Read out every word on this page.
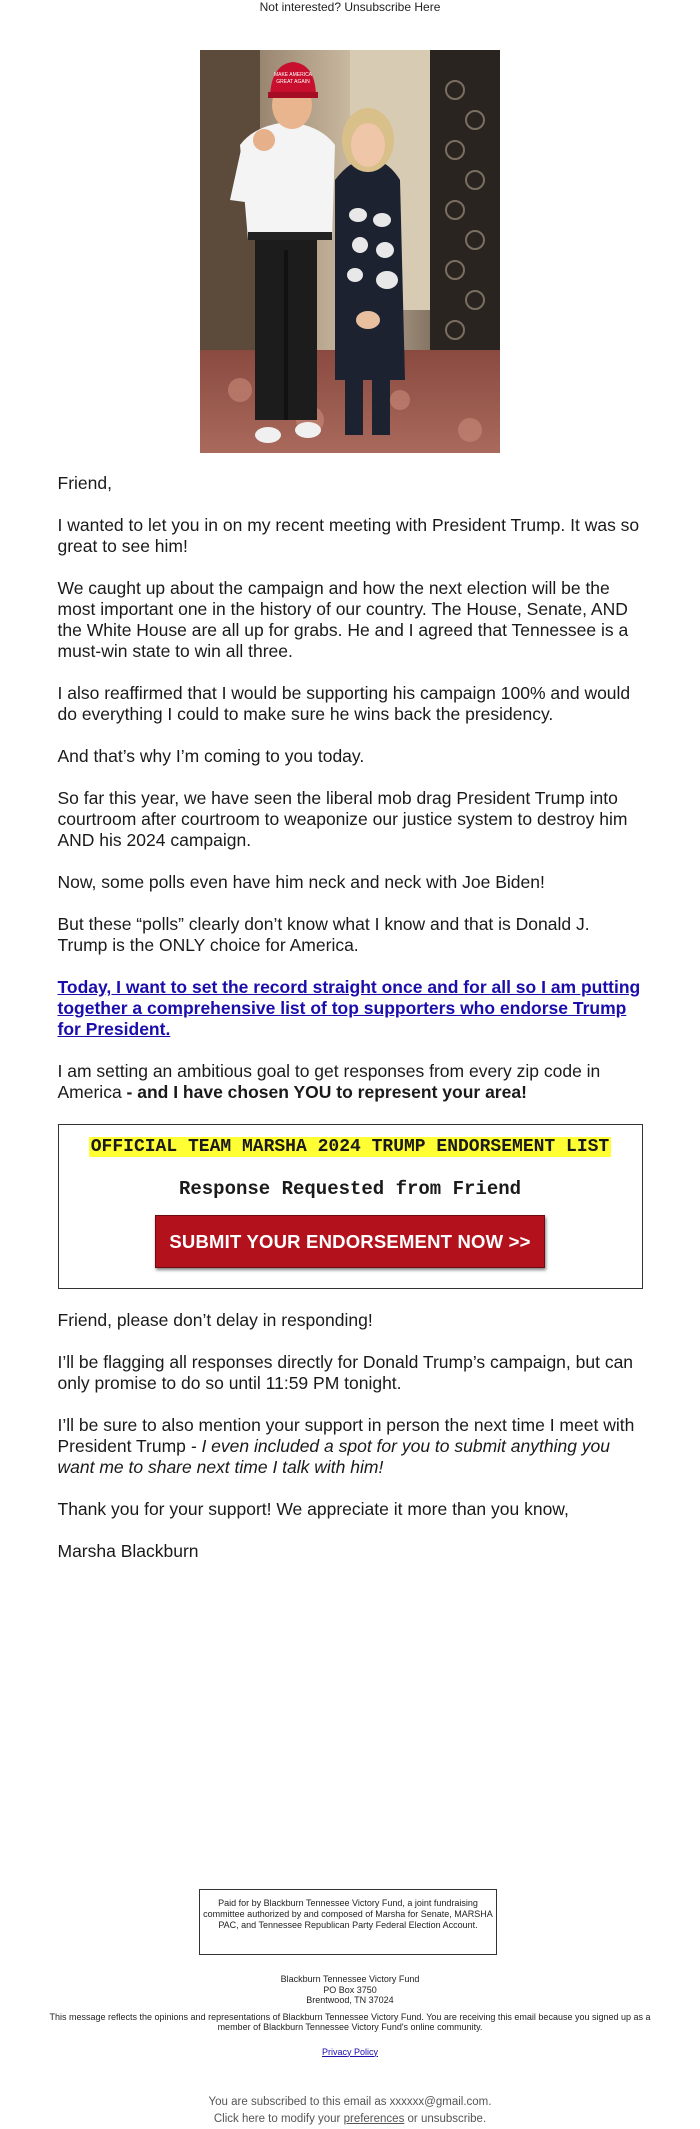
Not interested? Unsubscribe Here
MAKE AMERICA
GREAT AGAIN

Friend,

I wanted to let you in on my recent meeting with President Trump. It was so great to see him!

We caught up about the campaign and how the next election will be the most important one in the history of our country. The House, Senate, AND the White House are all up for grabs. He and I agreed that Tennessee is a must-win state to win all three.

I also reaffirmed that I would be supporting his campaign 100% and would do everything I could to make sure he wins back the presidency.

And that’s why I’m coming to you today.

So far this year, we have seen the liberal mob drag President Trump into courtroom after courtroom to weaponize our justice system to destroy him AND his 2024 campaign.

Now, some polls even have him neck and neck with Joe Biden!

But these “polls” clearly don’t know what I know and that is Donald J. Trump is the ONLY choice for America.

Today, I want to set the record straight once and for all so I am putting together a comprehensive list of top supporters who endorse Trump for President.

I am setting an ambitious goal to get responses from every zip code in America - and I have chosen YOU to represent your area!

OFFICIAL TEAM MARSHA 2024 TRUMP ENDORSEMENT LIST
Response Requested from Friend
SUBMIT YOUR ENDORSEMENT NOW >>

Friend, please don’t delay in responding!

I’ll be flagging all responses directly for Donald Trump’s campaign, but can only promise to do so until 11:59 PM tonight.

I’ll be sure to also mention your support in person the next time I meet with President Trump - I even included a spot for you to submit anything you want me to share next time I talk with him!

Thank you for your support! We appreciate it more than you know,

Marsha Blackburn

Paid for by Blackburn Tennessee Victory Fund, a joint fundraising committee authorized by and composed of Marsha for Senate, MARSHA PAC, and Tennessee Republican Party Federal Election Account.
Blackburn Tennessee Victory Fund
PO Box 3750
Brentwood, TN 37024
This message reflects the opinions and representations of Blackburn Tennessee Victory Fund. You are receiving this email because you signed up as a member of Blackburn Tennessee Victory Fund's online community.
Privacy Policy
You are subscribed to this email as xxxxxx@gmail.com.
Click here to modify your preferences or unsubscribe.
